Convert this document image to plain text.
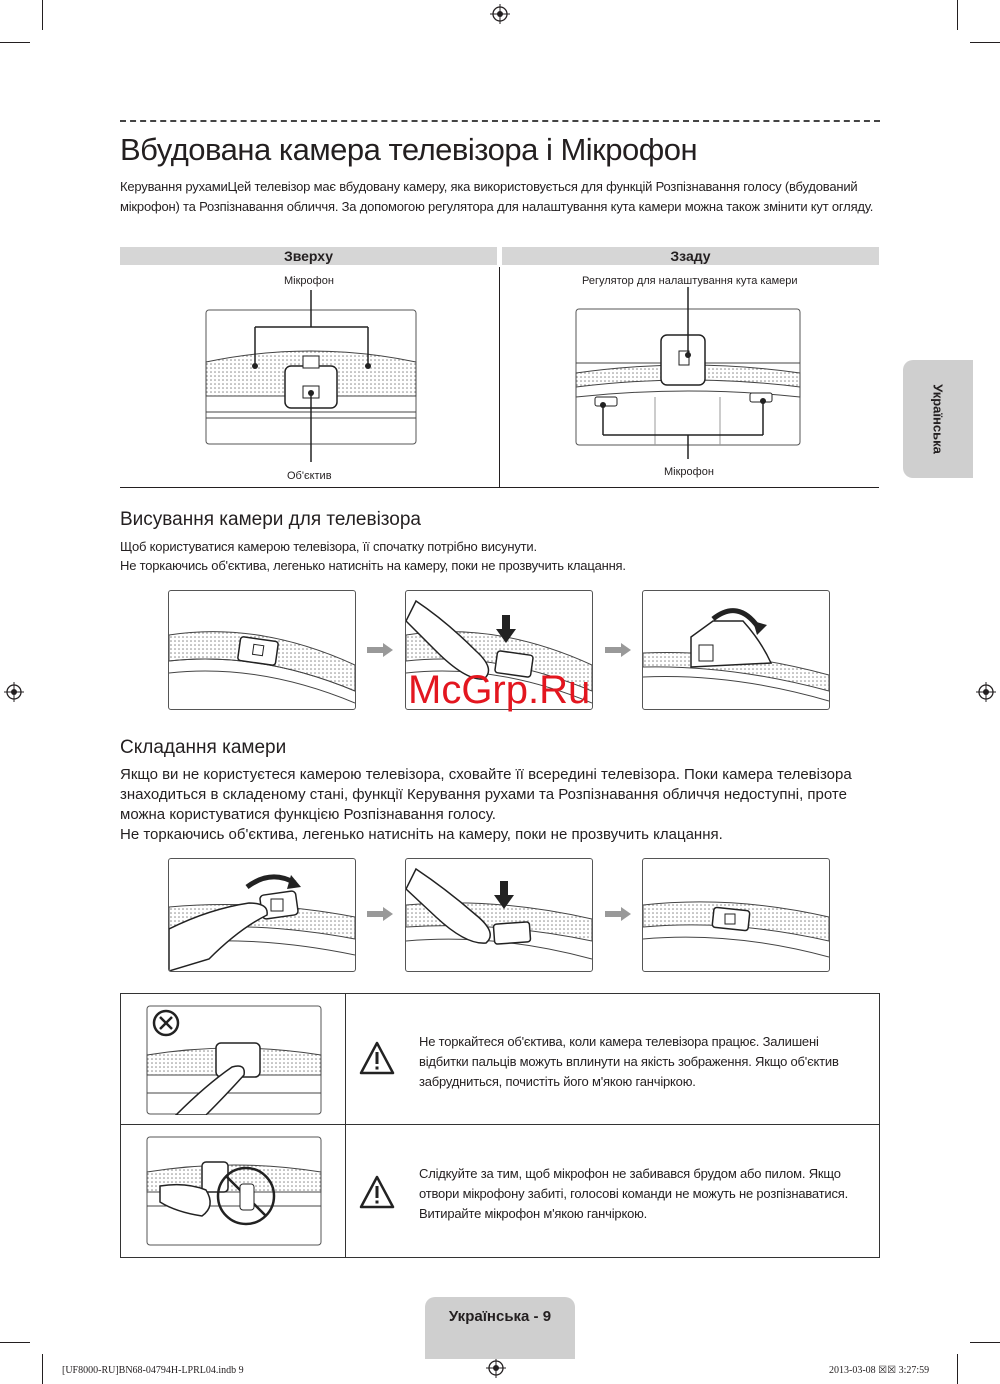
Вбудована камера телевізора і Мікрофон
Керування рухамиЦей телевізор має вбудовану камеру, яка використовується для функцій Розпізнавання голосу (вбудований мікрофон) та Розпізнавання обличчя. За допомогою регулятора для налаштування кута камери можна також змінити кут огляду.
Українська
Зверху	Ззаду
Мікрофон
Об'єктив
Регулятор для налаштування кута камери
Мікрофон
Висування камери для телевізора
Щоб користуватися камерою телевізора, її спочатку потрібно висунути.
Не торкаючись об'єктива, легенько натисніть на камеру, поки не прозвучить клацання.
McGrp.Ru
Складання камери
Якщо ви не користуєтеся камерою телевізора, сховайте її всередині телевізора. Поки камера телевізора знаходиться в складеному стані, функції Керування рухами та Розпізнавання обличчя недоступні, проте можна користуватися функцією Розпізнавання голосу.
Не торкаючись об'єктива, легенько натисніть на камеру, поки не прозвучить клацання.
Не торкайтеся об'єктива, коли камера телевізора працює. Залишені відбитки пальців можуть вплинути на якість зображення. Якщо об'єктив забрудниться, почистіть його м'якою ганчіркою.
Слідкуйте за тим, щоб мікрофон не забивався брудом або пилом. Якщо отвори мікрофону забиті, голосові команди не можуть не розпізнаватися. Витирайте мікрофон м'якою ганчіркою.
Українська - 9
[UF8000-RU]BN68-04794H-LPRL04.indb 9	2013-03-08 ☒☒ 3:27:59
